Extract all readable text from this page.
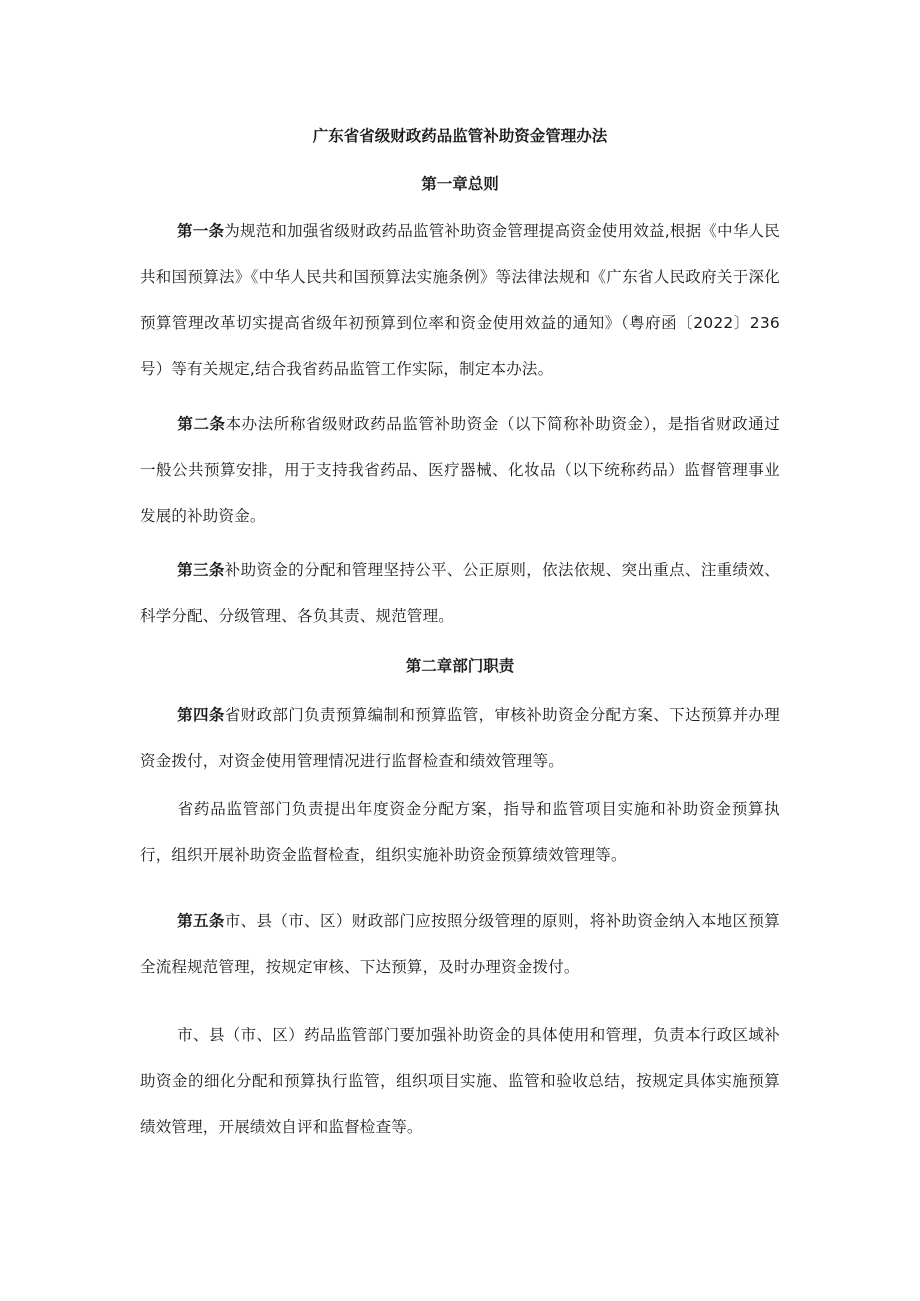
广东省省级财政药品监管补助资金管理办法
第一章总则
第一条为规范和加强省级财政药品监管补助资金管理提高资金使用效益,根据《中华人民共和国预算法》《中华人民共和国预算法实施条例》等法律法规和《广东省人民政府关于深化预算管理改革切实提高省级年初预算到位率和资金使用效益的通知》（粤府函〔2022〕236号）等有关规定,结合我省药品监管工作实际，制定本办法。
第二条本办法所称省级财政药品监管补助资金（以下简称补助资金），是指省财政通过一般公共预算安排，用于支持我省药品、医疗器械、化妆品（以下统称药品）监督管理事业发展的补助资金。
第三条补助资金的分配和管理坚持公平、公正原则，依法依规、突出重点、注重绩效、科学分配、分级管理、各负其责、规范管理。
第二章部门职责
第四条省财政部门负责预算编制和预算监管，审核补助资金分配方案、下达预算并办理资金拨付，对资金使用管理情况进行监督检查和绩效管理等。
省药品监管部门负责提出年度资金分配方案，指导和监管项目实施和补助资金预算执行，组织开展补助资金监督检查，组织实施补助资金预算绩效管理等。
第五条市、县（市、区）财政部门应按照分级管理的原则，将补助资金纳入本地区预算全流程规范管理，按规定审核、下达预算，及时办理资金拨付。
市、县（市、区）药品监管部门要加强补助资金的具体使用和管理，负责本行政区域补助资金的细化分配和预算执行监管，组织项目实施、监管和验收总结，按规定具体实施预算绩效管理，开展绩效自评和监督检查等。
